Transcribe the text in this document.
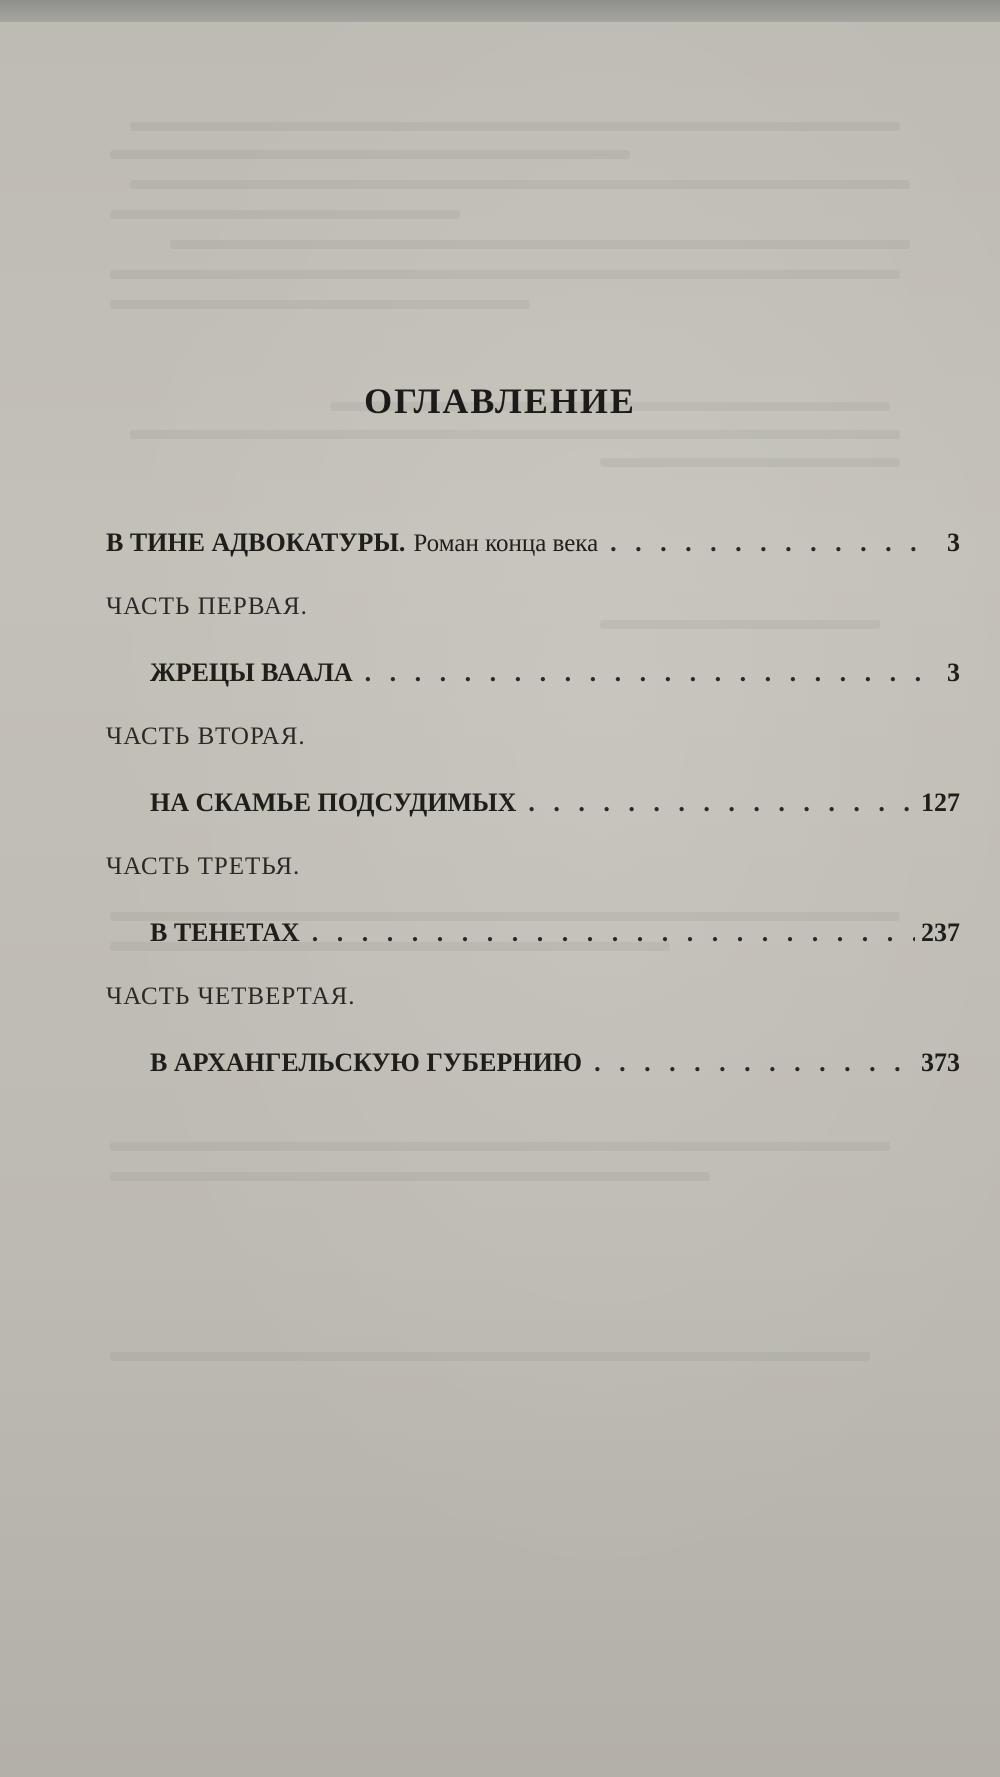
ОГЛАВЛЕНИЕ
В ТИНЕ АДВОКАТУРЫ. Роман конца века . . .	3
ЧАСТЬ ПЕРВАЯ.
ЖРЕЦЫ ВААЛА . . .	3
ЧАСТЬ ВТОРАЯ.
НА СКАМЬЕ ПОДСУДИМЫХ . . .	127
ЧАСТЬ ТРЕТЬЯ.
В ТЕНЕТАХ . . .	237
ЧАСТЬ ЧЕТВЕРТАЯ.
В АРХАНГЕЛЬСКУЮ ГУБЕРНИЮ . . .	373
